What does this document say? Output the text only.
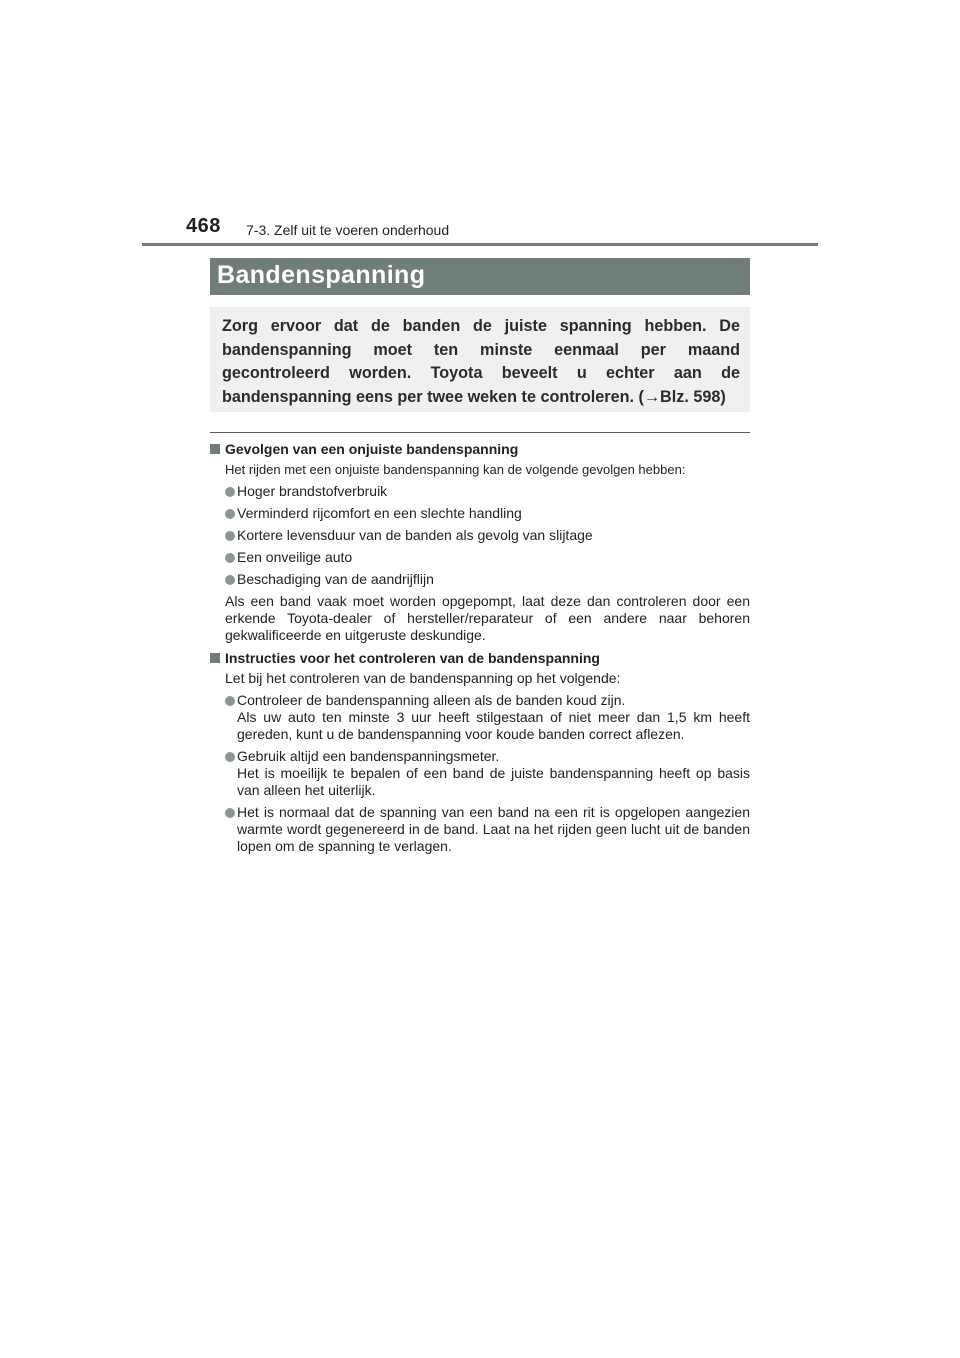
468 7-3. Zelf uit te voeren onderhoud
Bandenspanning

Zorg ervoor dat de banden de juiste spanning hebben. De bandenspanning moet ten minste eenmaal per maand gecontroleerd worden. Toyota beveelt u echter aan de bandenspanning eens per twee weken te controleren. (→Blz. 598)

Gevolgen van een onjuiste bandenspanning
Het rijden met een onjuiste bandenspanning kan de volgende gevolgen hebben:
Hoger brandstofverbruik
Verminderd rijcomfort en een slechte handling
Kortere levensduur van de banden als gevolg van slijtage
Een onveilige auto
Beschadiging van de aandrijflijn
Als een band vaak moet worden opgepompt, laat deze dan controleren door een erkende Toyota-dealer of hersteller/reparateur of een andere naar behoren gekwalificeerde en uitgeruste deskundige.
Instructies voor het controleren van de bandenspanning
Let bij het controleren van de bandenspanning op het volgende:
Controleer de bandenspanning alleen als de banden koud zijn.
Als uw auto ten minste 3 uur heeft stilgestaan of niet meer dan 1,5 km heeft gereden, kunt u de bandenspanning voor koude banden correct aflezen.
Gebruik altijd een bandenspanningsmeter.
Het is moeilijk te bepalen of een band de juiste bandenspanning heeft op basis van alleen het uiterlijk.
Het is normaal dat de spanning van een band na een rit is opgelopen aangezien warmte wordt gegenereerd in de band. Laat na het rijden geen lucht uit de banden lopen om de spanning te verlagen.
